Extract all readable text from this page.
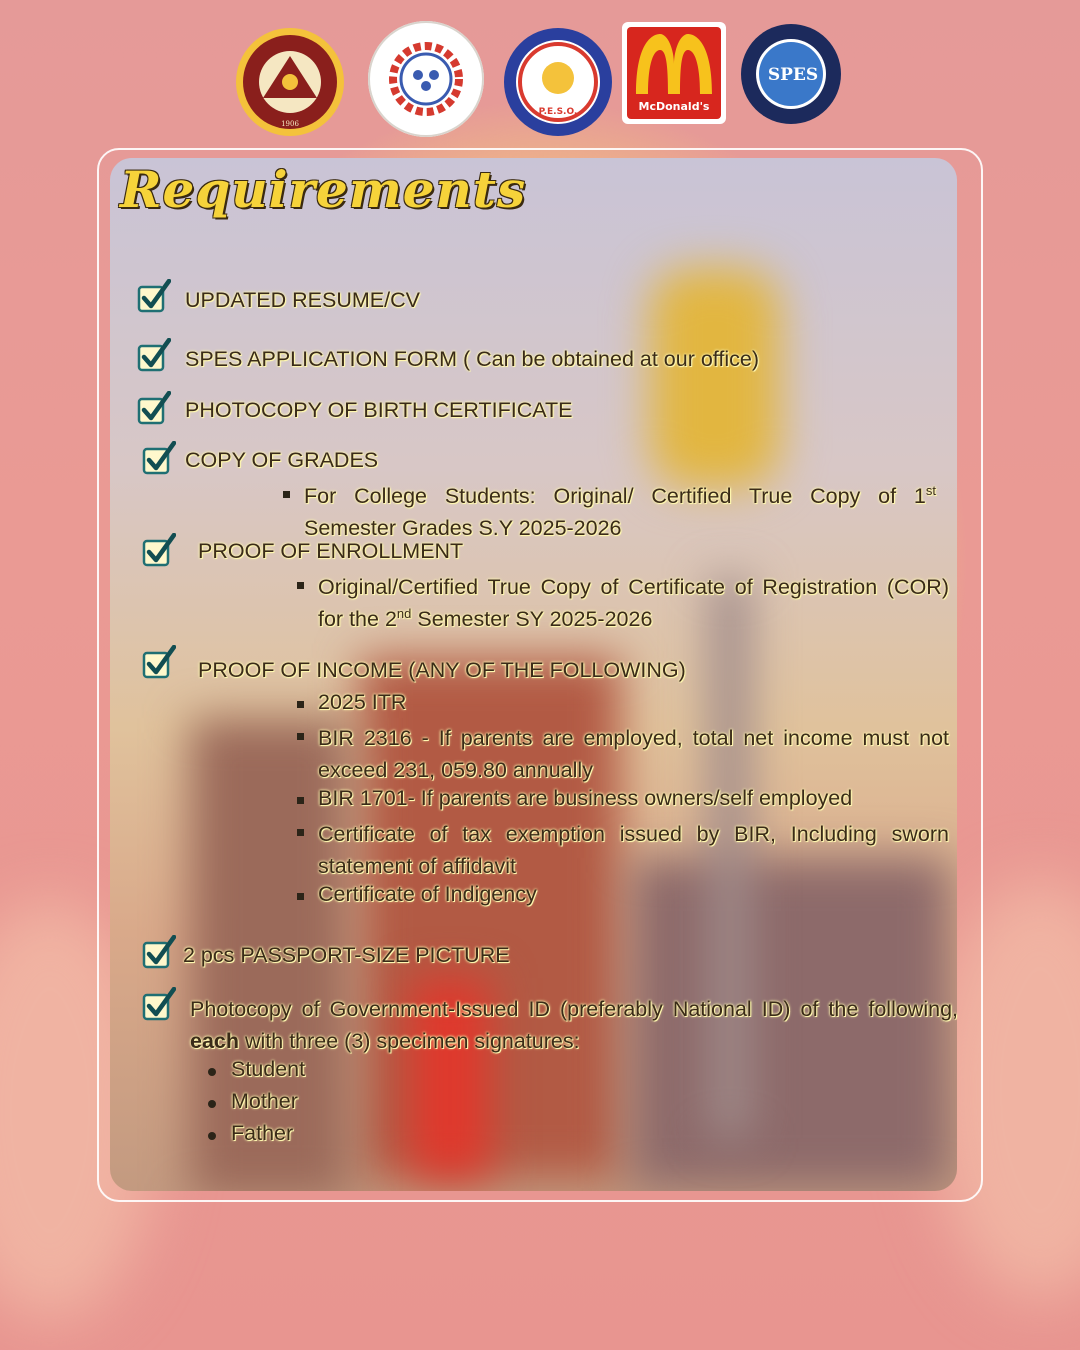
1906
P.E.S.O.	McDonald's
SPES
Requirements
UPDATED RESUME/CV
SPES APPLICATION FORM ( Can be obtained at our office)
PHOTOCOPY OF BIRTH CERTIFICATE
COPY OF GRADES
For College Students: Original/ Certified True Copy of 1st Semester Grades S.Y 2025-2026
PROOF OF ENROLLMENT
Original/Certified True Copy of Certificate of Registration (COR) for the 2nd Semester SY 2025-2026
PROOF OF INCOME (ANY OF THE FOLLOWING)
2025 ITR
BIR 2316 - If parents are employed, total net income must not exceed 231, 059.80 annually
BIR 1701- If parents are business owners/self employed
Certificate of tax exemption issued by BIR, Including sworn statement of affidavit
Certificate of Indigency
2 pcs PASSPORT-SIZE PICTURE
Photocopy of Government-Issued ID (preferably National ID) of the following, each with three (3) specimen signatures:
Student
Mother
Father
